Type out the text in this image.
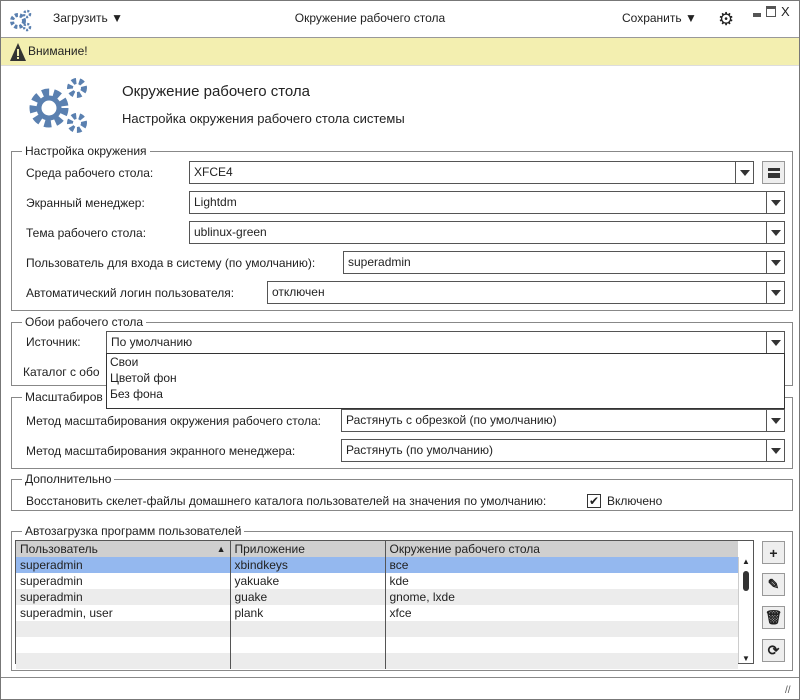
Загрузить ▼	Окружение рабочего стола	Сохранить ▼ ⚙	X
Внимание!
Окружение рабочего стола
Настройка окружения рабочего стола системы
Настройка окружения
Среда рабочего стола:	XFCE4
Экранный менеджер:	Lightdm
Тема рабочего стола:	ublinux-green
Пользователь для входа в систему (по умолчанию):	superadmin
Автоматический логин пользователя:	отключен
Обои рабочего стола
Источник:	По умолчанию
Каталог с обо
Свои
Цветой фон
Без фона
Масштабиров
Метод масштабирования окружения рабочего стола:	Растянуть с обрезкой (по умолчанию)
Метод масштабирования экранного менеджера:	Растянуть (по умолчанию)
Дополнительно
Восстановить скелет-файлы домашнего каталога пользователей на значения по умолчанию:	✔ Включено
Автозагрузка программ пользователей
Пользователь ▲	Приложение	Окружение рабочего стола
superadmin	xbindkeys	все
superadmin	yakuake	kde
superadmin	guake	gnome, lxde
superadmin, user	plank	xfce

▲
▼
+
✎
🗑
⟳
//
